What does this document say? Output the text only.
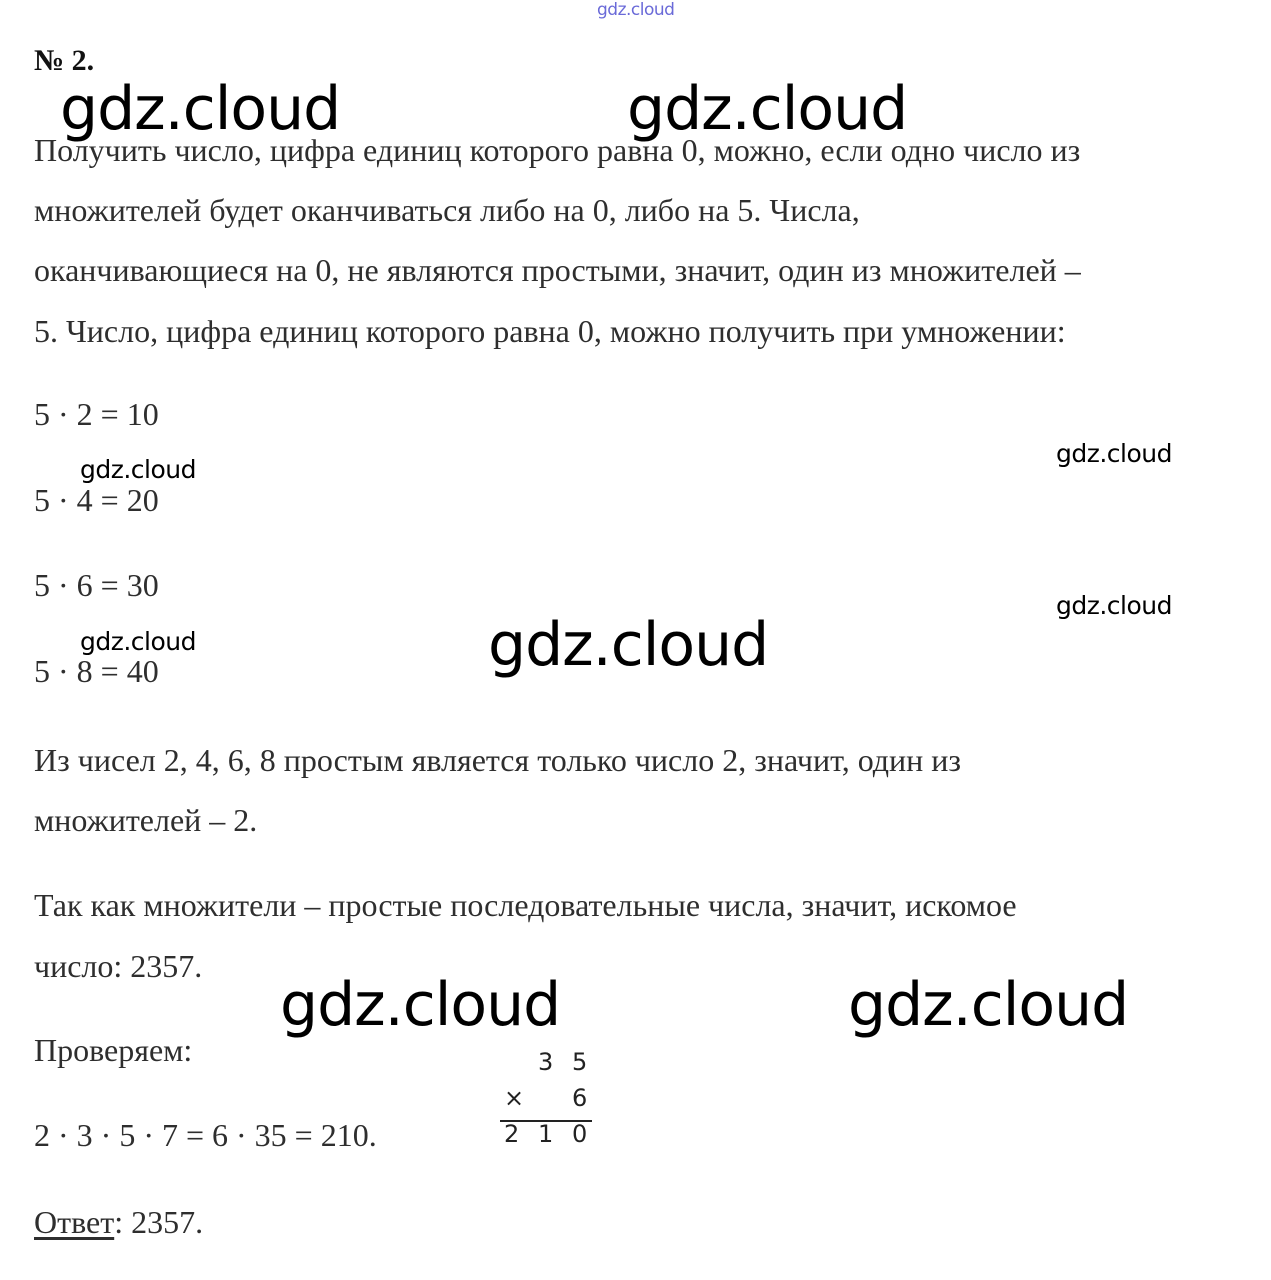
gdz.cloud
№ 2.
Получить число, цифра единиц которого равна 0, можно, если одно число из
множителей будет оканчиваться либо на 0, либо на 5. Числа,
оканчивающиеся на 0, не являются простыми, значит, один из множителей –
5. Число, цифра единиц которого равна 0, можно получить при умножении:
5 · 2 = 10
5 · 4 = 20
5 · 6 = 30
5 · 8 = 40
Из чисел 2, 4, 6, 8 простым является только число 2, значит, один из
множителей – 2.
Так как множители – простые последовательные числа, значит, искомое
число: 2357.
Проверяем:
2 · 3 · 5 · 7 = 6 · 35 = 210.
3 5
× 6
2 1 0
Ответ: 2357.
gdz.cloud	gdz.cloud
gdz.cloud
gdz.cloud
gdz.cloud
gdz.cloud	gdz.cloud
gdz.cloud	gdz.cloud
